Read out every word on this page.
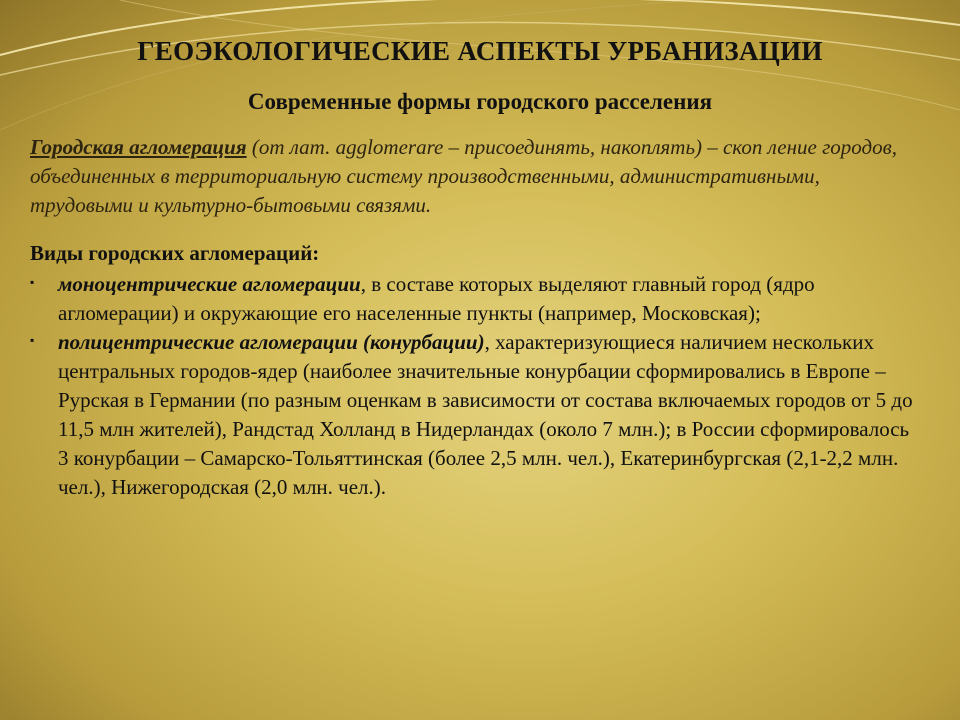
ГЕОЭКОЛОГИЧЕСКИЕ АСПЕКТЫ УРБАНИЗАЦИИ
Современные формы городского расселения
Городская агломерация (от лат. agglomerare – присоединять, накоплять) – скоп ление городов, объединенных в территориальную систему производственными, административными, трудовыми и культурно-бытовыми связями.
Виды городских агломераций:
▪ моноцентрические агломерации, в составе которых выделяют главный город (ядро агломерации) и окружающие его населенные пункты (например, Московская);
▪ полицентрические агломерации (конурбации), характеризующиеся наличием нескольких центральных городов-ядер (наиболее значительные конурбации сформировались в Европе – Рурская в Германии (по разным оценкам в зависимости от состава включаемых городов от 5 до 11,5 млн жителей), Рандстад Холланд в Нидерландах (около 7 млн.); в России сформировалось 3 конурбации – Самарско-Тольяттинская (более 2,5 млн. чел.), Екатеринбургская (2,1-2,2 млн. чел.), Нижегородская (2,0 млн. чел.).
